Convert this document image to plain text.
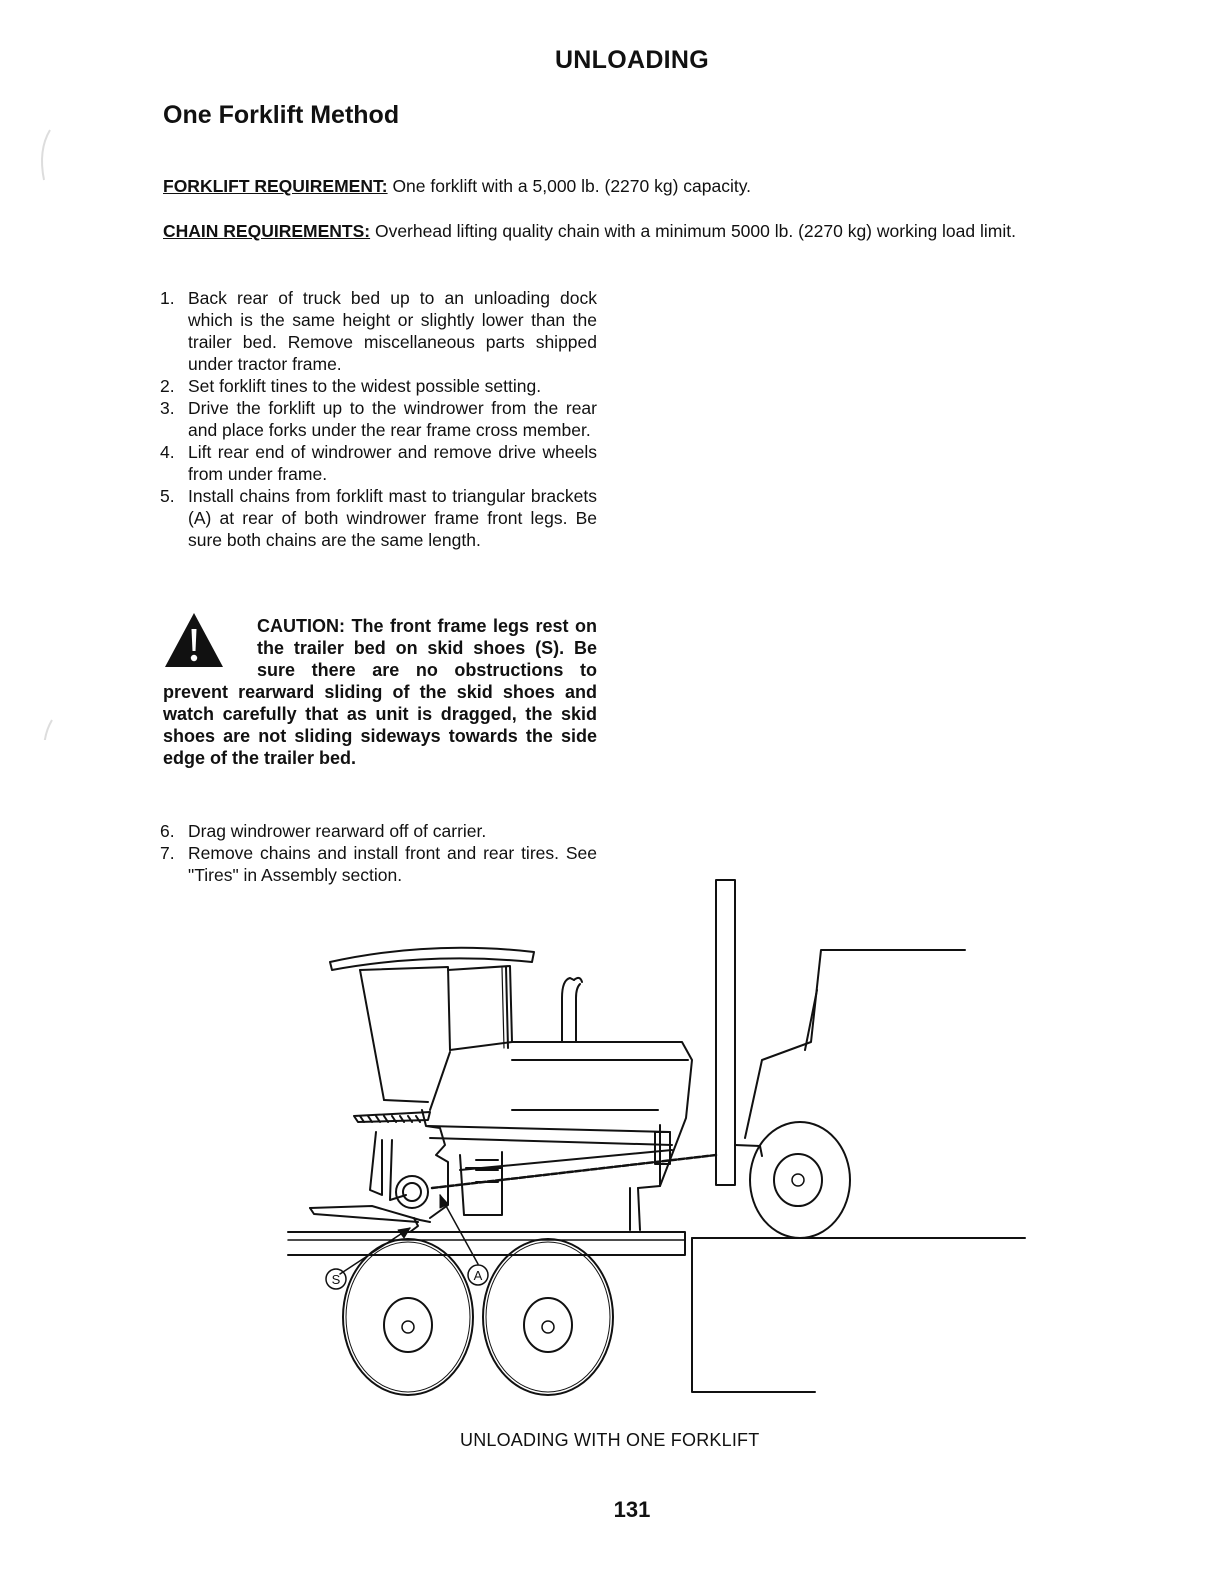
UNLOADING
One Forklift Method
FORKLIFT REQUIREMENT: One forklift with a 5,000 lb. (2270 kg) capacity.
CHAIN REQUIREMENTS: Overhead lifting quality chain with a minimum 5000 lb. (2270 kg) working load limit.
1. Back rear of truck bed up to an unloading dock which is the same height or slightly lower than the trailer bed. Remove miscellaneous parts shipped under tractor frame.
2. Set forklift tines to the widest possible setting.
3. Drive the forklift up to the windrower from the rear and place forks under the rear frame cross member.
4. Lift rear end of windrower and remove drive wheels from under frame.
5. Install chains from forklift mast to triangular brackets (A) at rear of both windrower frame front legs. Be sure both chains are the same length.
CAUTION: The front frame legs rest on the trailer bed on skid shoes (S). Be sure there are no obstructions to prevent rearward sliding of the skid shoes and watch carefully that as unit is dragged, the skid shoes are not sliding sideways towards the side edge of the trailer bed.
6. Drag windrower rearward off of carrier.
7. Remove chains and install front and rear tires. See "Tires" in Assembly section.
S	A
UNLOADING WITH ONE FORKLIFT
131
